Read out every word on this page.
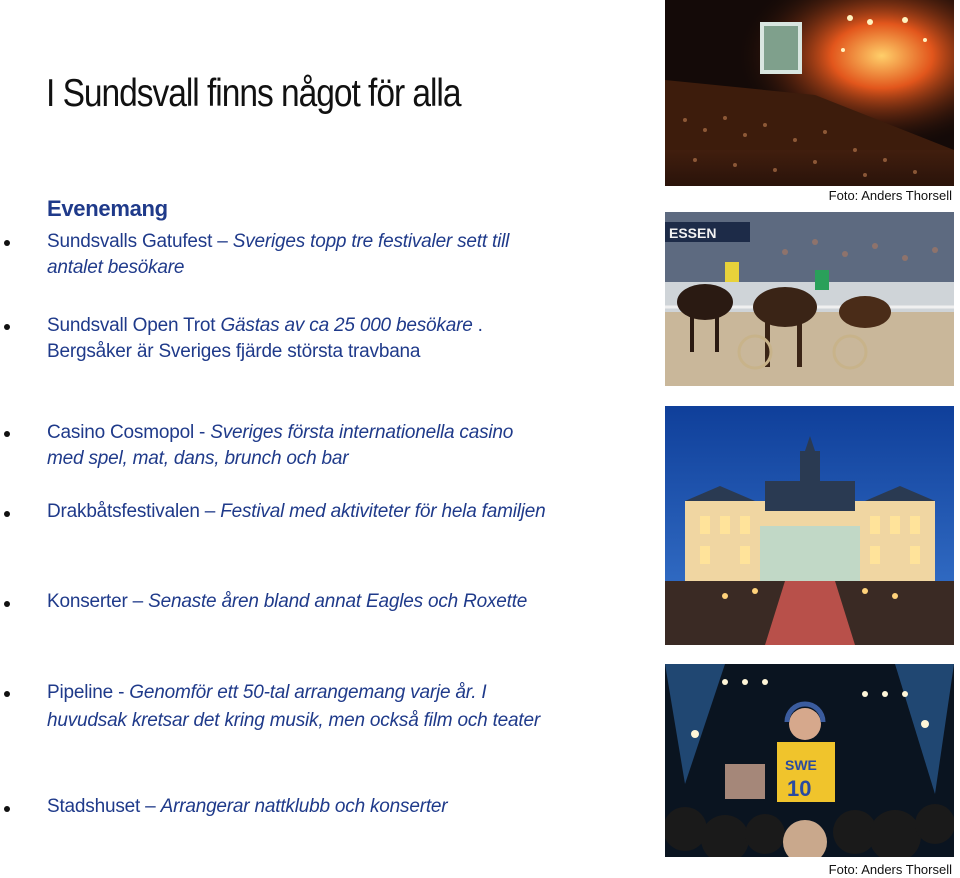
I Sundsvall finns något för alla
Evenemang
Sundsvalls Gatufest – Sveriges topp tre festivaler sett till antalet besökare
Sundsvall Open Trot Gästas av ca 25 000 besökare . Bergsåker är Sveriges fjärde största travbana
Casino Cosmopol - Sveriges första internationella casino med spel, mat, dans, brunch och bar
Drakbåtsfestivalen – Festival med aktiviteter för hela familjen
Konserter – Senaste åren bland annat Eagles och Roxette
Pipeline - Genomför ett 50-tal arrangemang varje år. I huvudsak kretsar det kring musik, men också film och teater
Stadshuset – Arrangerar nattklubb och konserter
Foto: Anders Thorsell
ESSEN
SWE
10
Foto: Anders Thorsell
